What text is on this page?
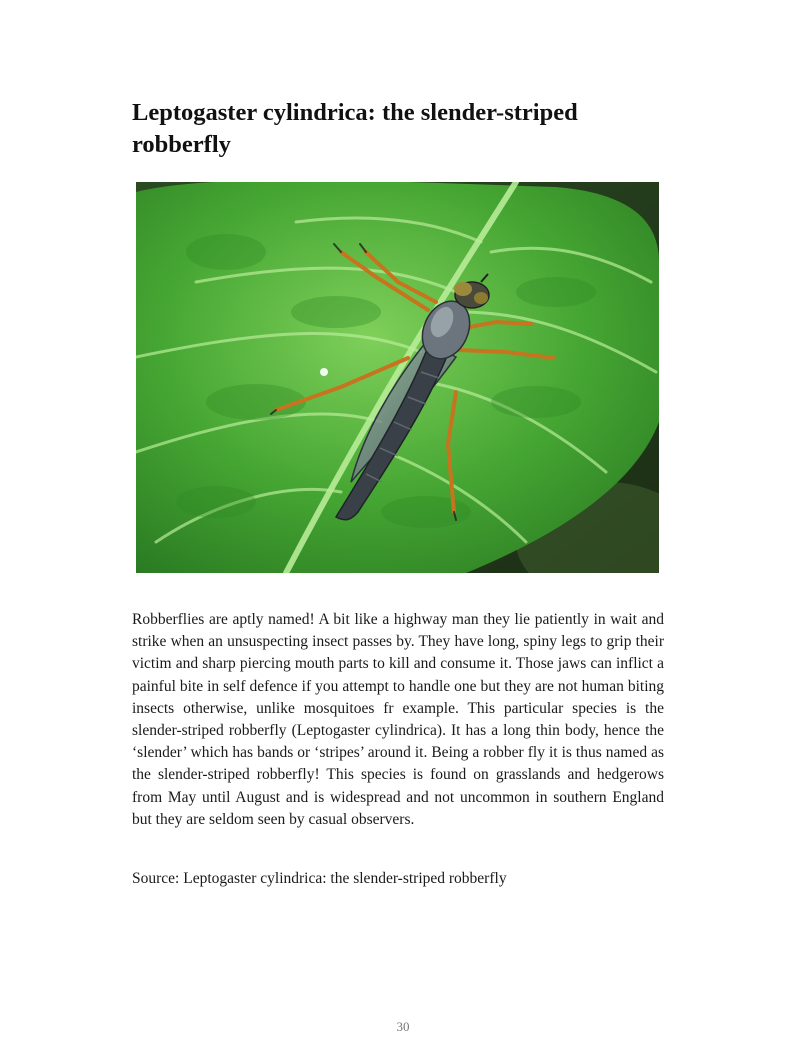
Leptogaster cylindrica: the slender-striped robberfly

Robberflies are aptly named! A bit like a highway man they lie patiently in wait and strike when an unsuspecting insect passes by. They have long, spiny legs to grip their victim and sharp piercing mouth parts to kill and consume it. Those jaws can inflict a painful bite in self defence if you attempt to handle one but they are not human biting insects otherwise, unlike mosquitoes fr example. This particular species is the slender-striped robberfly (Leptogaster cylindrica). It has a long thin body, hence the ‘slender’ which has bands or ‘stripes’ around it. Being a robber fly it is thus named as the slender-striped robberfly! This species is found on grasslands and hedgerows from May until August and is widespread and not uncommon in southern England but they are seldom seen by casual observers.

Source: Leptogaster cylindrica: the slender-striped robberfly

30
